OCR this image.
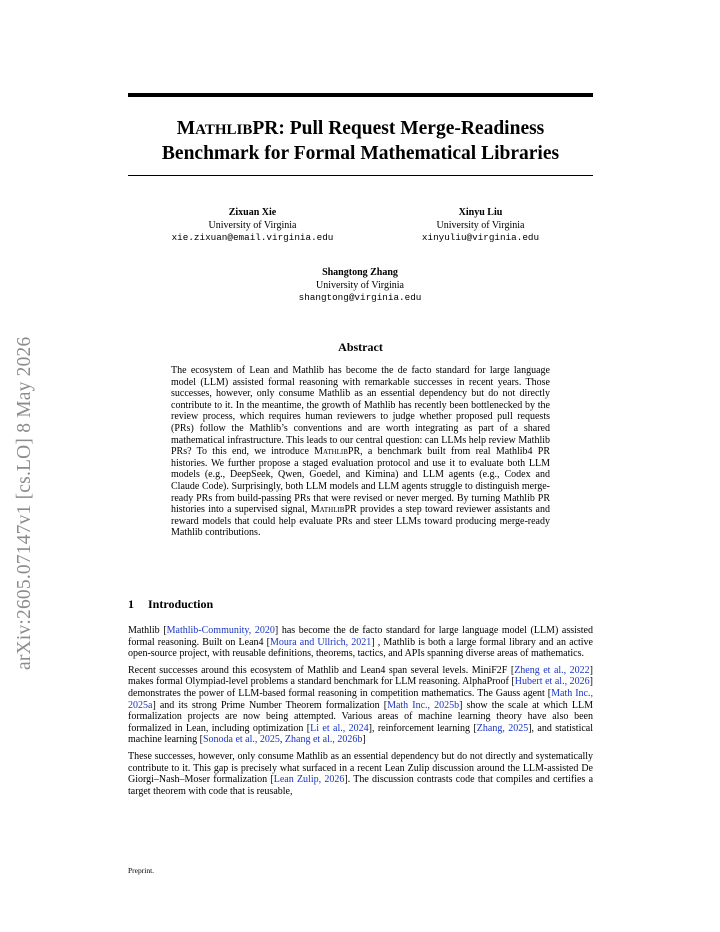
arXiv:2605.07147v1 [cs.LO] 8 May 2026
MATHLIBPR: Pull Request Merge-Readiness
Benchmark for Formal Mathematical Libraries
Zixuan Xie
University of Virginia
xie.zixuan@email.virginia.edu
Xinyu Liu
University of Virginia
xinyuliu@virginia.edu
Shangtong Zhang
University of Virginia
shangtong@virginia.edu
Abstract
The ecosystem of Lean and Mathlib has become the de facto standard for large language model (LLM) assisted formal reasoning with remarkable successes in recent years. Those successes, however, only consume Mathlib as an essential dependency but do not directly contribute to it. In the meantime, the growth of Mathlib has recently been bottlenecked by the review process, which requires human reviewers to judge whether proposed pull requests (PRs) follow the Mathlib’s conventions and are worth integrating as part of a shared mathematical infrastructure. This leads to our central question: can LLMs help review Mathlib PRs? To this end, we introduce MathlibPR, a benchmark built from real Mathlib4 PR histories. We further propose a staged evaluation protocol and use it to evaluate both LLM models (e.g., DeepSeek, Qwen, Goedel, and Kimina) and LLM agents (e.g., Codex and Claude Code). Surprisingly, both LLM models and LLM agents struggle to distinguish merge-ready PRs from build-passing PRs that were revised or never merged. By turning Mathlib PR histories into a supervised signal, MathlibPR provides a step toward reviewer assistants and reward models that could help evaluate PRs and steer LLMs toward producing merge-ready Mathlib contributions.
1 Introduction

Mathlib [Mathlib-Community, 2020] has become the de facto standard for large language model (LLM) assisted formal reasoning. Built on Lean4 [Moura and Ullrich, 2021] , Mathlib is both a large formal library and an active open-source project, with reusable definitions, theorems, tactics, and APIs spanning diverse areas of mathematics.

Recent successes around this ecosystem of Mathlib and Lean4 span several levels. MiniF2F [Zheng et al., 2022] makes formal Olympiad-level problems a standard benchmark for LLM reasoning. AlphaProof [Hubert et al., 2026] demonstrates the power of LLM-based formal reasoning in competition mathematics. The Gauss agent [Math Inc., 2025a] and its strong Prime Number Theorem formalization [Math Inc., 2025b] show the scale at which LLM formalization projects are now being attempted. Various areas of machine learning theory have also been formalized in Lean, including optimization [Li et al., 2024], reinforcement learning [Zhang, 2025], and statistical machine learning [Sonoda et al., 2025, Zhang et al., 2026b]

These successes, however, only consume Mathlib as an essential dependency but do not directly and systematically contribute to it. This gap is precisely what surfaced in a recent Lean Zulip discussion around the LLM-assisted De Giorgi–Nash–Moser formalization [Lean Zulip, 2026]. The discussion contrasts code that compiles and certifies a target theorem with code that is reusable,

Preprint.
